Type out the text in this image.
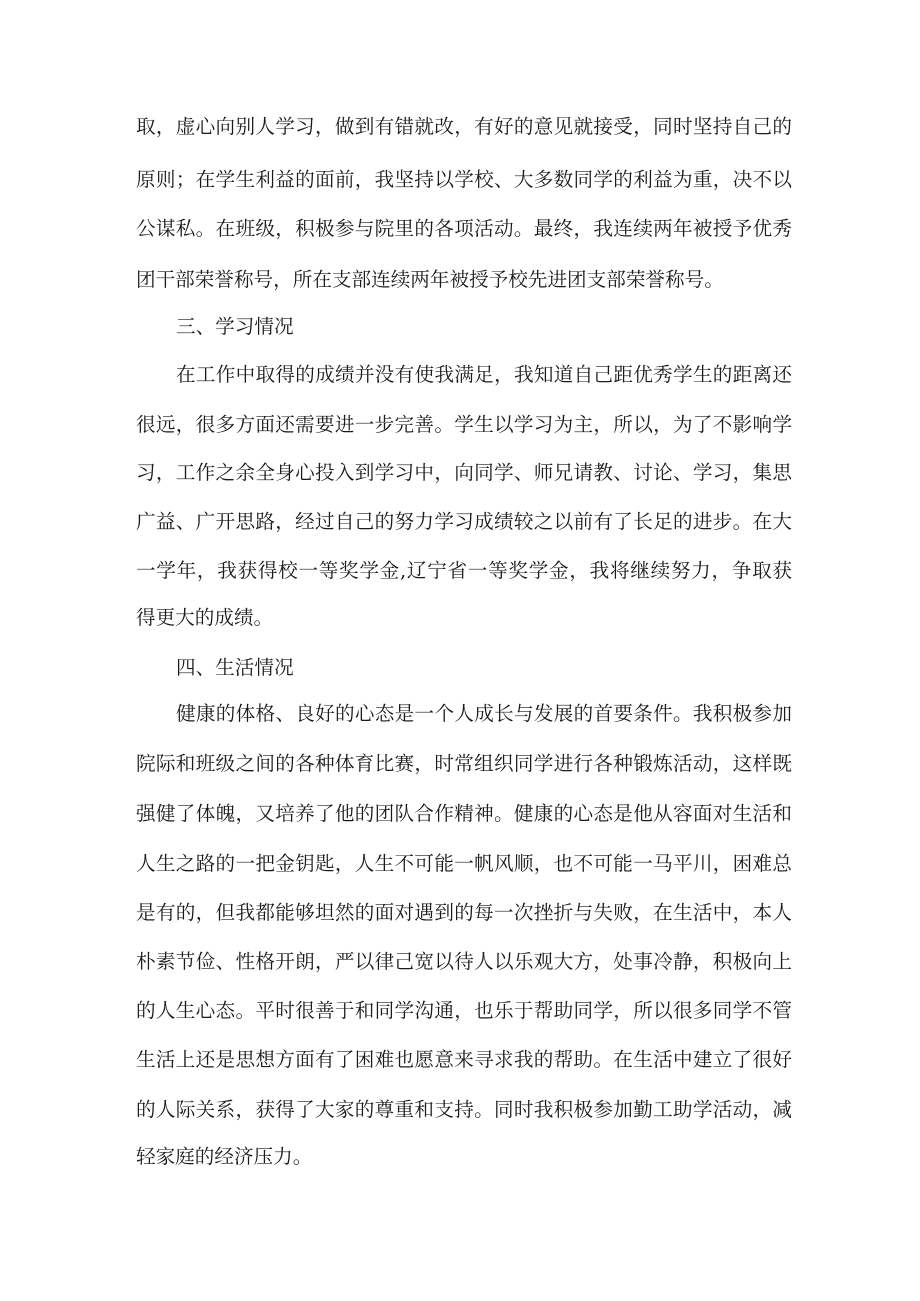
取，虚心向别人学习，做到有错就改，有好的意见就接受，同时坚持自己的
原则；在学生利益的面前，我坚持以学校、大多数同学的利益为重，决不以
公谋私。在班级，积极参与院里的各项活动。最终，我连续两年被授予优秀
团干部荣誉称号，所在支部连续两年被授予校先进团支部荣誉称号。
三、学习情况
在工作中取得的成绩并没有使我满足，我知道自己距优秀学生的距离还
很远，很多方面还需要进一步完善。学生以学习为主，所以，为了不影响学
习，工作之余全身心投入到学习中，向同学、师兄请教、讨论、学习，集思
广益、广开思路，经过自己的努力学习成绩较之以前有了长足的进步。在大
一学年，我获得校一等奖学金,辽宁省一等奖学金，我将继续努力，争取获
得更大的成绩。
四、生活情况
健康的体格、良好的心态是一个人成长与发展的首要条件。我积极参加
院际和班级之间的各种体育比赛，时常组织同学进行各种锻炼活动，这样既
强健了体魄，又培养了他的团队合作精神。健康的心态是他从容面对生活和
人生之路的一把金钥匙，人生不可能一帆风顺，也不可能一马平川，困难总
是有的，但我都能够坦然的面对遇到的每一次挫折与失败，在生活中，本人
朴素节俭、性格开朗，严以律己宽以待人以乐观大方，处事冷静，积极向上
的人生心态。平时很善于和同学沟通，也乐于帮助同学，所以很多同学不管
生活上还是思想方面有了困难也愿意来寻求我的帮助。在生活中建立了很好
的人际关系，获得了大家的尊重和支持。同时我积极参加勤工助学活动，减
轻家庭的经济压力。
